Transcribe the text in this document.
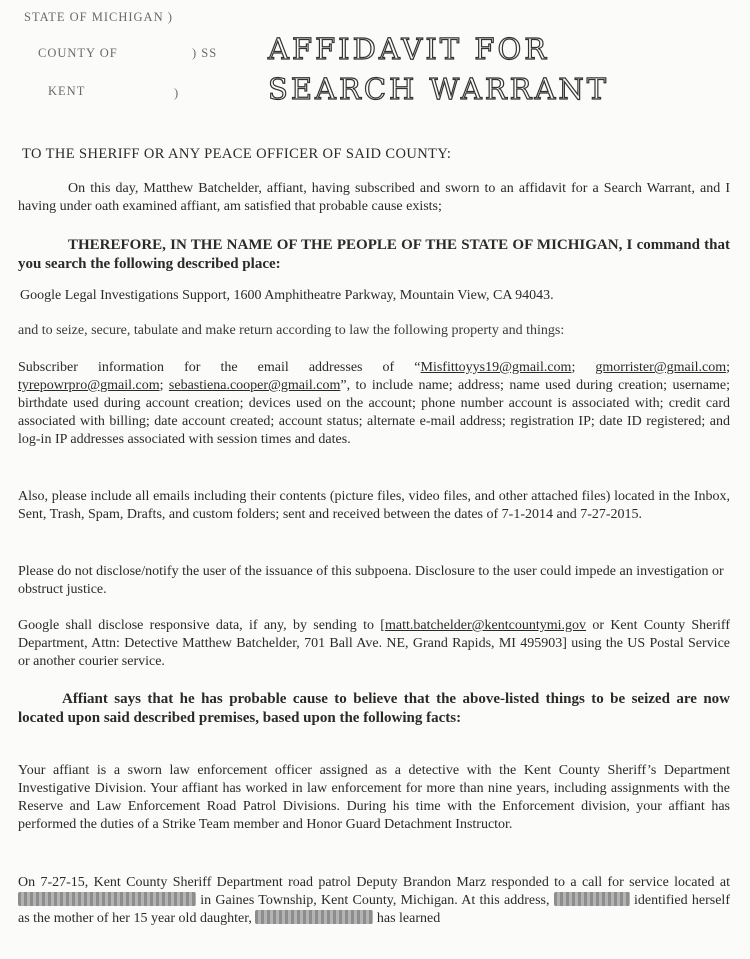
STATE OF MICHIGAN )
COUNTY OF	) SS
KENT	)
AFFIDAVIT FOR
SEARCH WARRANT
TO THE SHERIFF OR ANY PEACE OFFICER OF SAID COUNTY:
On this day, Matthew Batchelder, affiant, having subscribed and sworn to an affidavit for a Search Warrant, and I having under oath examined affiant, am satisfied that probable cause exists;
THEREFORE, IN THE NAME OF THE PEOPLE OF THE STATE OF MICHIGAN, I command that you search the following described place:
Google Legal Investigations Support, 1600 Amphitheatre Parkway, Mountain View, CA 94043.
and to seize, secure, tabulate and make return according to law the following property and things:
Subscriber information for the email addresses of “Misfittoyys19@gmail.com; gmorrister@gmail.com; tyrepowrpro@gmail.com; sebastiena.cooper@gmail.com”, to include name; address; name used during creation; username; birthdate used during account creation; devices used on the account; phone number account is associated with; credit card associated with billing; date account created; account status; alternate e-mail address; registration IP; date ID registered; and log-in IP addresses associated with session times and dates.
Also, please include all emails including their contents (picture files, video files, and other attached files) located in the Inbox, Sent, Trash, Spam, Drafts, and custom folders; sent and received between the dates of 7-1-2014 and 7-27-2015.
Please do not disclose/notify the user of the issuance of this subpoena. Disclosure to the user could impede an investigation or obstruct justice.
Google shall disclose responsive data, if any, by sending to [matt.batchelder@kentcountymi.gov or Kent County Sheriff Department, Attn: Detective Matthew Batchelder, 701 Ball Ave. NE, Grand Rapids, MI 495903] using the US Postal Service or another courier service.
Affiant says that he has probable cause to believe that the above-listed things to be seized are now located upon said described premises, based upon the following facts:
Your affiant is a sworn law enforcement officer assigned as a detective with the Kent County Sheriff’s Department Investigative Division. Your affiant has worked in law enforcement for more than nine years, including assignments with the Reserve and Law Enforcement Road Patrol Divisions. During his time with the Enforcement division, your affiant has performed the duties of a Strike Team member and Honor Guard Detachment Instructor.
On 7-27-15, Kent County Sheriff Department road patrol Deputy Brandon Marz responded to a call for service located at  in Gaines Township, Kent County, Michigan. At this address,	identified herself as the mother of her 15 year old daughter,	has learned
